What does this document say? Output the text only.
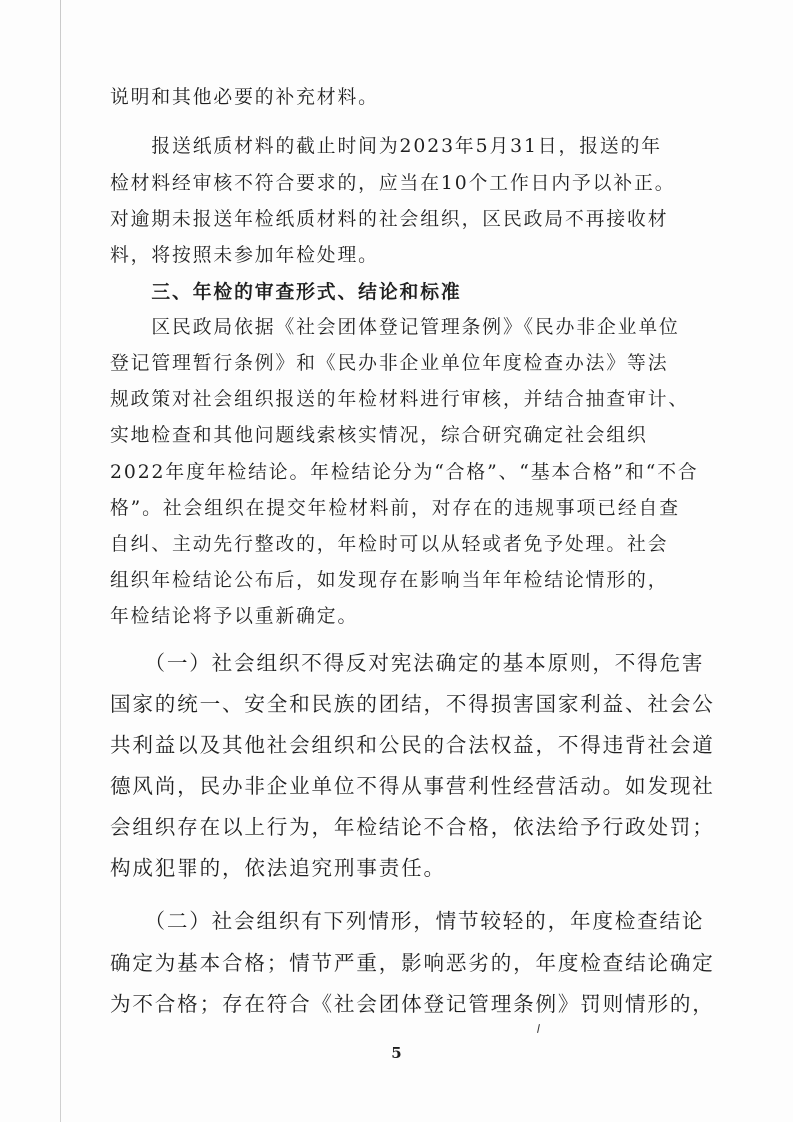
说明和其他必要的补充材料。
　　报送纸质材料的截止时间为2023年5月31日，报送的年
检材料经审核不符合要求的，应当在10个工作日内予以补正。
对逾期未报送年检纸质材料的社会组织，区民政局不再接收材
料，将按照未参加年检处理。
　　三、年检的审查形式、结论和标准
　　区民政局依据《社会团体登记管理条例》《民办非企业单位
登记管理暂行条例》和《民办非企业单位年度检查办法》等法
规政策对社会组织报送的年检材料进行审核，并结合抽查审计、
实地检查和其他问题线索核实情况，综合研究确定社会组织
2022年度年检结论。年检结论分为“合格”、“基本合格”和“不合
格”。社会组织在提交年检材料前，对存在的违规事项已经自查
自纠、主动先行整改的，年检时可以从轻或者免予处理。社会
组织年检结论公布后，如发现存在影响当年年检结论情形的，
年检结论将予以重新确定。
　　（一）社会组织不得反对宪法确定的基本原则，不得危害
国家的统一、安全和民族的团结，不得损害国家利益、社会公
共利益以及其他社会组织和公民的合法权益，不得违背社会道
德风尚，民办非企业单位不得从事营利性经营活动。如发现社
会组织存在以上行为，年检结论不合格，依法给予行政处罚；
构成犯罪的，依法追究刑事责任。
　　（二）社会组织有下列情形，情节较轻的，年度检查结论
确定为基本合格；情节严重，影响恶劣的，年度检查结论确定
为不合格；存在符合《社会团体登记管理条例》罚则情形的，
5
